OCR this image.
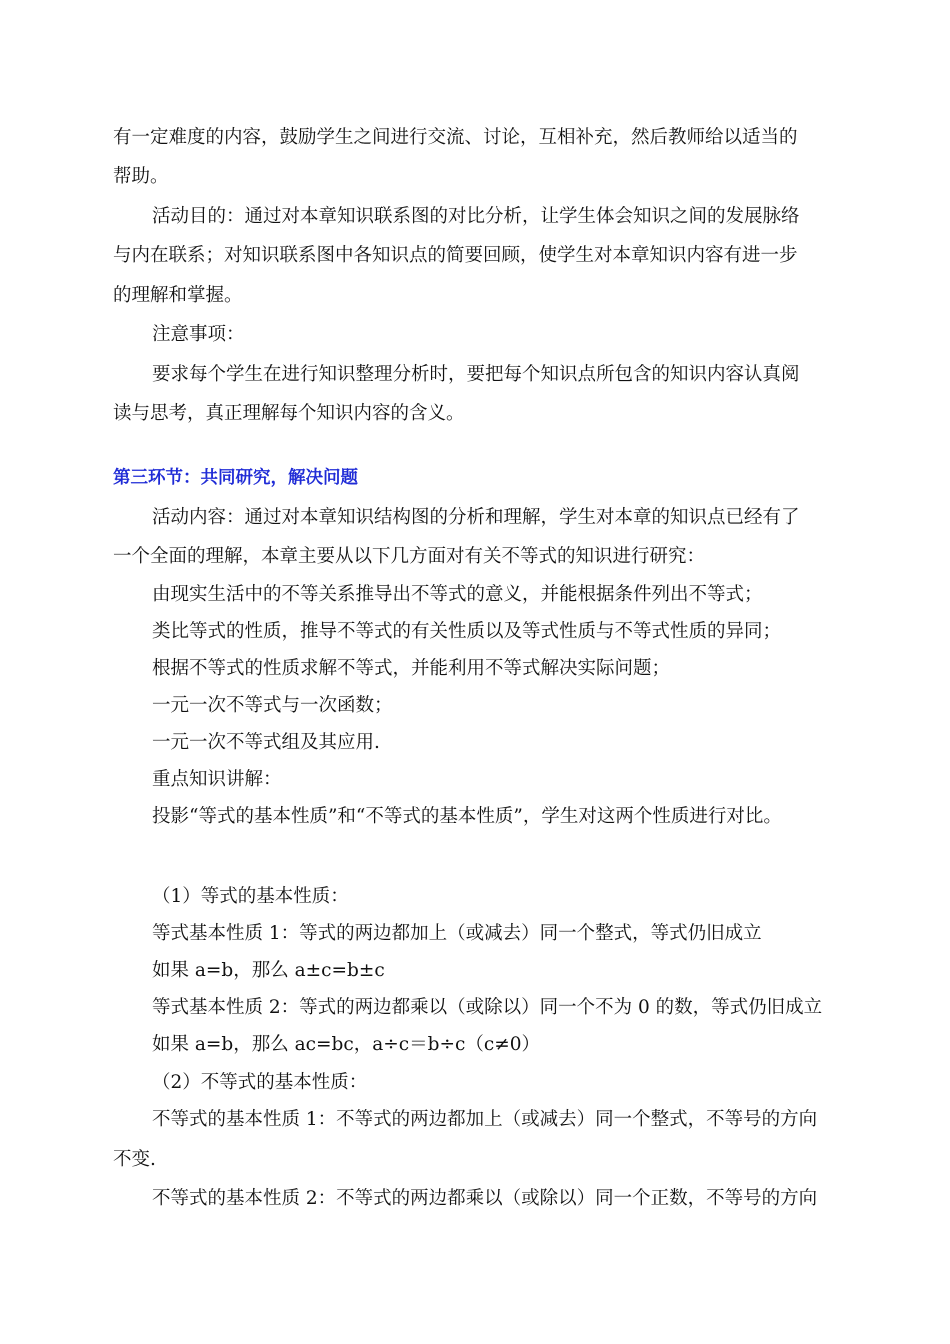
有一定难度的内容，鼓励学生之间进行交流、讨论，互相补充，然后教师给以适当的
帮助。
活动目的：通过对本章知识联系图的对比分析，让学生体会知识之间的发展脉络
与内在联系；对知识联系图中各知识点的简要回顾，使学生对本章知识内容有进一步
的理解和掌握。
注意事项：
要求每个学生在进行知识整理分析时，要把每个知识点所包含的知识内容认真阅
读与思考，真正理解每个知识内容的含义。
第三环节：共同研究，解决问题
活动内容：通过对本章知识结构图的分析和理解，学生对本章的知识点已经有了
一个全面的理解，本章主要从以下几方面对有关不等式的知识进行研究：
由现实生活中的不等关系推导出不等式的意义，并能根据条件列出不等式；
类比等式的性质，推导不等式的有关性质以及等式性质与不等式性质的异同；
根据不等式的性质求解不等式，并能利用不等式解决实际问题；
一元一次不等式与一次函数；
一元一次不等式组及其应用.
重点知识讲解：
投影“等式的基本性质”和“不等式的基本性质”，学生对这两个性质进行对比。
（1）等式的基本性质：
等式基本性质 1：等式的两边都加上（或减去）同一个整式，等式仍旧成立
如果 a=b，那么 a±c=b±c
等式基本性质 2：等式的两边都乘以（或除以）同一个不为 0 的数，等式仍旧成立
如果 a=b，那么 ac=bc，a÷c＝b÷c（c≠0）
（2）不等式的基本性质：
不等式的基本性质 1：不等式的两边都加上（或减去）同一个整式，不等号的方向
不变.
不等式的基本性质 2：不等式的两边都乘以（或除以）同一个正数，不等号的方向
